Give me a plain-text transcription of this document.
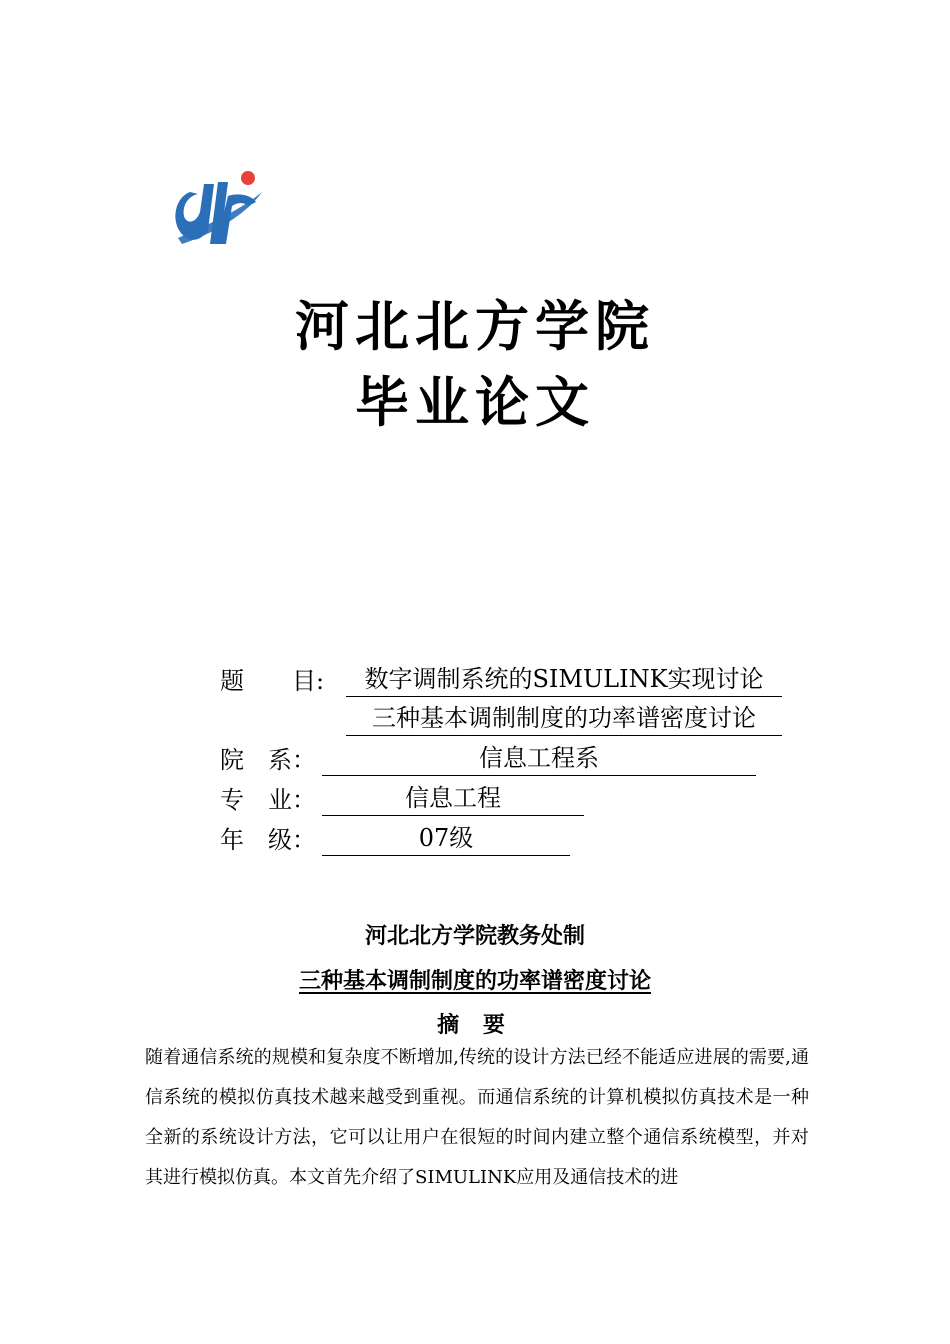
河北北方学院
毕业论文
题　　目:	数字调制系统的SIMULINK实现讨论
三种基本调制制度的功率谱密度讨论
院　系：	信息工程系
专　业：	信息工程
年　级：	07级
河北北方学院教务处制
三种基本调制制度的功率谱密度讨论
摘 要
随着通信系统的规模和复杂度不断增加,传统的设计方法已经不能适应进展的需要,通信系统的模拟仿真技术越来越受到重视。而通信系统的计算机模拟仿真技术是一种全新的系统设计方法，它可以让用户在很短的时间内建立整个通信系统模型，并对其进行模拟仿真。本文首先介绍了SIMULINK应用及通信技术的进
